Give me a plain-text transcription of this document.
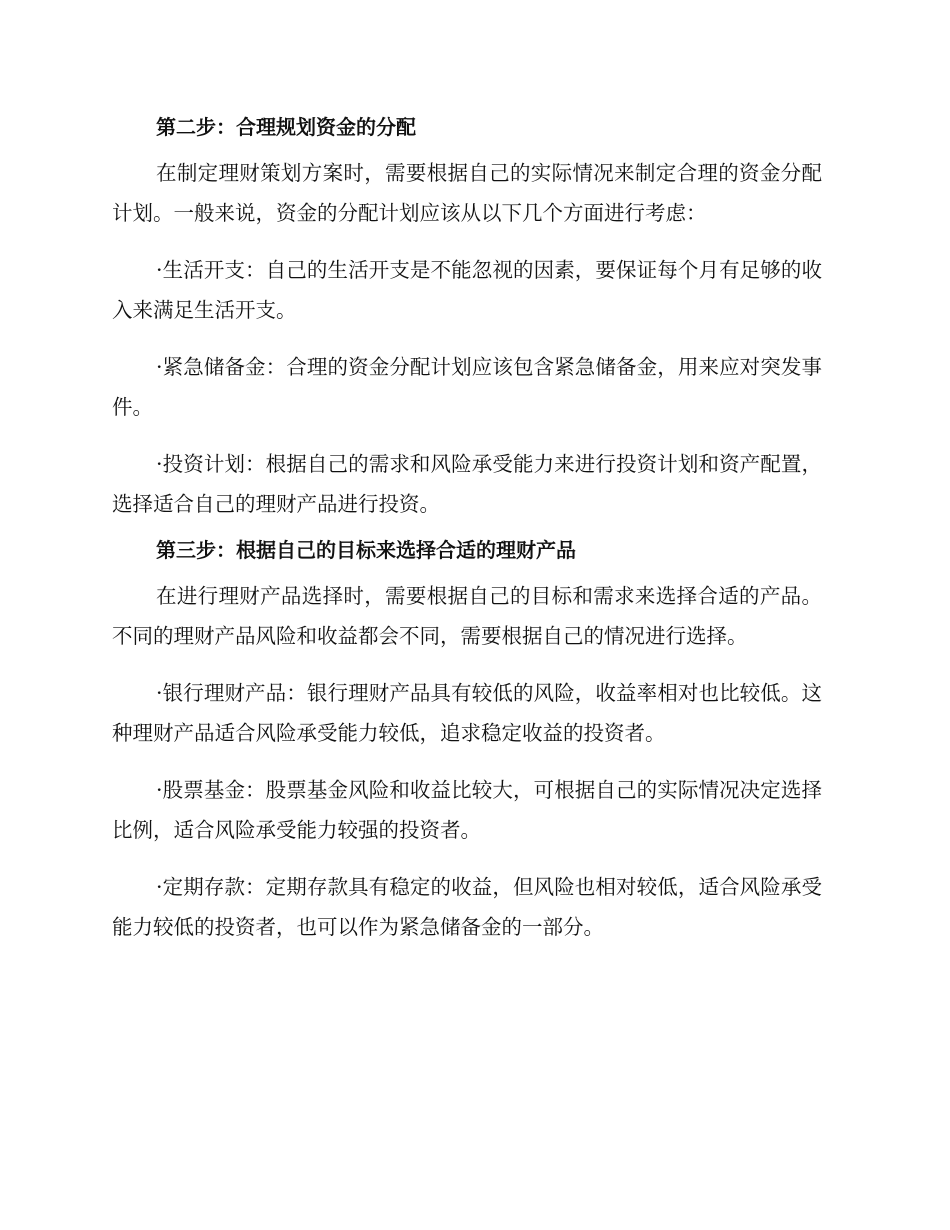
第二步：合理规划资金的分配

在制定理财策划方案时，需要根据自己的实际情况来制定合理的资金分配计划。一般来说，资金的分配计划应该从以下几个方面进行考虑：

·生活开支：自己的生活开支是不能忽视的因素，要保证每个月有足够的收入来满足生活开支。

·紧急储备金：合理的资金分配计划应该包含紧急储备金，用来应对突发事件。

·投资计划：根据自己的需求和风险承受能力来进行投资计划和资产配置，选择适合自己的理财产品进行投资。

第三步：根据自己的目标来选择合适的理财产品

在进行理财产品选择时，需要根据自己的目标和需求来选择合适的产品。不同的理财产品风险和收益都会不同，需要根据自己的情况进行选择。

·银行理财产品：银行理财产品具有较低的风险，收益率相对也比较低。这种理财产品适合风险承受能力较低，追求稳定收益的投资者。

·股票基金：股票基金风险和收益比较大，可根据自己的实际情况决定选择比例，适合风险承受能力较强的投资者。

·定期存款：定期存款具有稳定的收益，但风险也相对较低，适合风险承受能力较低的投资者，也可以作为紧急储备金的一部分。
